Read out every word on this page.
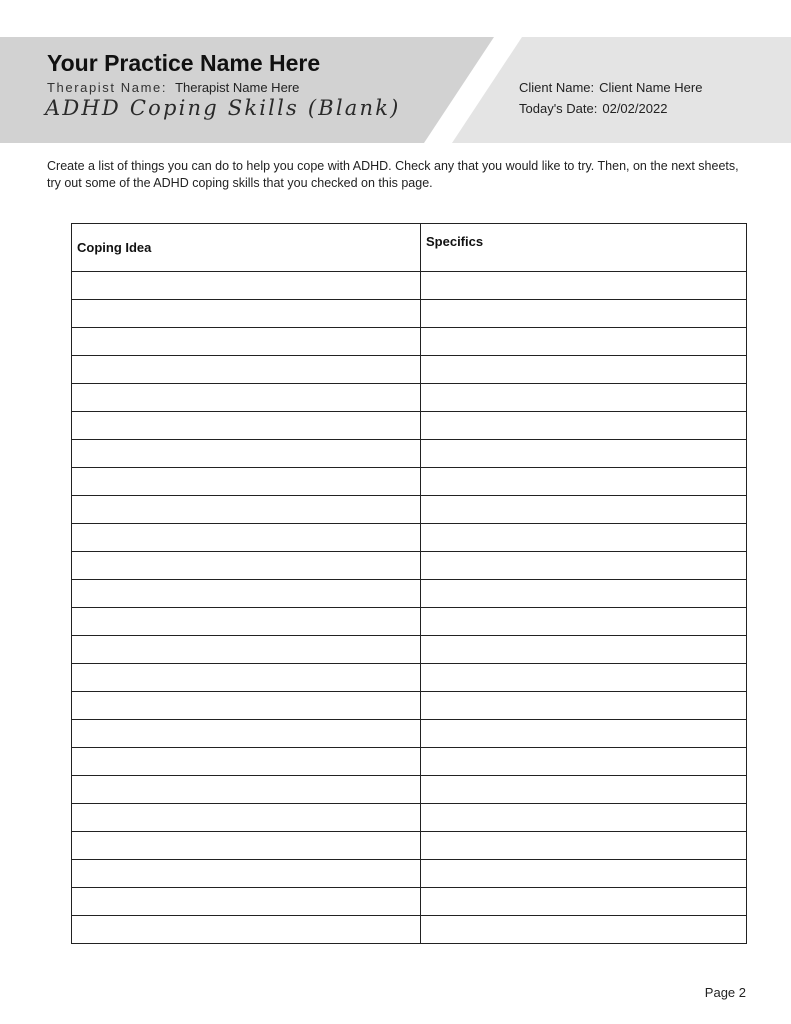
Your Practice Name Here
Therapist Name: Therapist Name Here
ADHD Coping Skills (Blank)
Client Name: Client Name Here
Today's Date: 02/02/2022
Create a list of things you can do to help you cope with ADHD. Check any that you would like to try. Then, on the next sheets, try out some of the ADHD coping skills that you checked on this page.
Coping Idea	Specifics

Page 2
